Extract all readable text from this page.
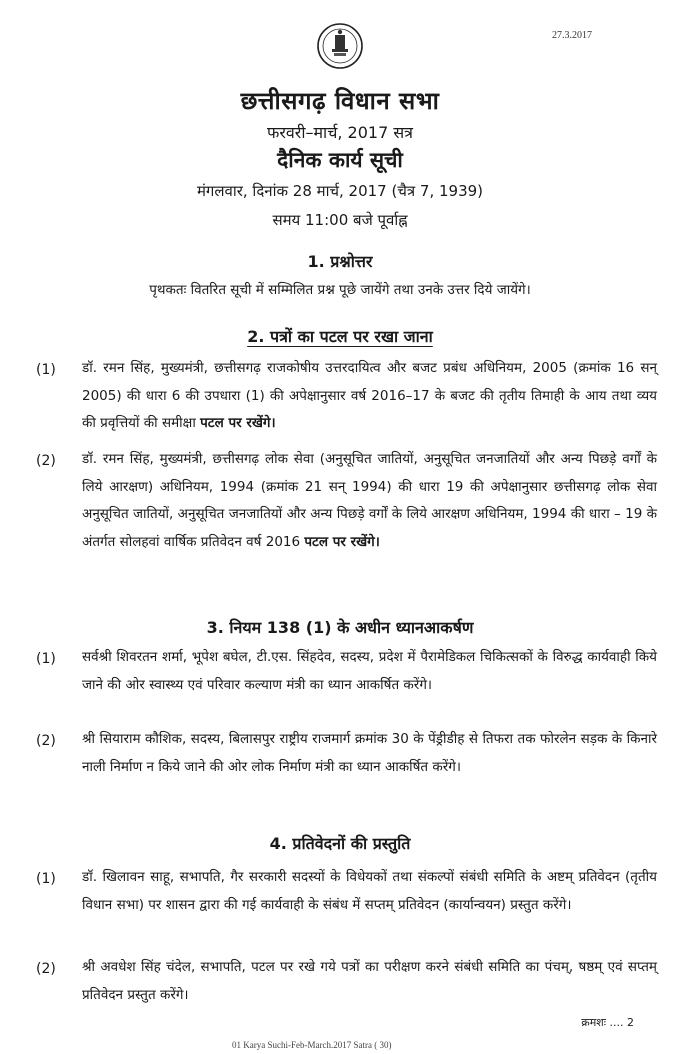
27.3.2017
छत्तीसगढ़ विधान सभा
फरवरी–मार्च, 2017 सत्र
दैनिक कार्य सूची
मंगलवार, दिनांक 28 मार्च, 2017 (चैत्र 7, 1939)
समय 11:00 बजे पूर्वाह्न
1. प्रश्नोत्तर
पृथकतः वितरित सूची में सम्मिलित प्रश्न पूछे जायेंगे तथा उनके उत्तर दिये जायेंगे।
2. पत्रों का पटल पर रखा जाना
(1) डॉ. रमन सिंह, मुख्यमंत्री, छत्तीसगढ़ राजकोषीय उत्तरदायित्व और बजट प्रबंध अधिनियम, 2005 (क्रमांक 16 सन् 2005) की धारा 6 की उपधारा (1) की अपेक्षानुसार वर्ष 2016–17 के बजट की तृतीय तिमाही के आय तथा व्यय की प्रवृत्तियों की समीक्षा पटल पर रखेंगे।
(2) डॉ. रमन सिंह, मुख्यमंत्री, छत्तीसगढ़ लोक सेवा (अनुसूचित जातियों, अनुसूचित जनजातियों और अन्य पिछड़े वर्गों के लिये आरक्षण) अधिनियम, 1994 (क्रमांक 21 सन् 1994) की धारा 19 की अपेक्षानुसार छत्तीसगढ़ लोक सेवा अनुसूचित जातियों, अनुसूचित जनजातियों और अन्य पिछड़े वर्गों के लिये आरक्षण अधिनियम, 1994 की धारा – 19 के अंतर्गत सोलहवां वार्षिक प्रतिवेदन वर्ष 2016 पटल पर रखेंगे।
3. नियम 138 (1) के अधीन ध्यानआकर्षण
(1) सर्वश्री शिवरतन शर्मा, भूपेश बघेल, टी.एस. सिंहदेव, सदस्य, प्रदेश में पैरामेडिकल चिकित्सकों के विरुद्ध कार्यवाही किये जाने की ओर स्वास्थ्य एवं परिवार कल्याण मंत्री का ध्यान आकर्षित करेंगे।
(2) श्री सियाराम कौशिक, सदस्य, बिलासपुर राष्ट्रीय राजमार्ग क्रमांक 30 के पेंड्रीडीह से तिफरा तक फोरलेन सड़क के किनारे नाली निर्माण न किये जाने की ओर लोक निर्माण मंत्री का ध्यान आकर्षित करेंगे।
4. प्रतिवेदनों की प्रस्तुति
(1) डॉ. खिलावन साहू, सभापति, गैर सरकारी सदस्यों के विधेयकों तथा संकल्पों संबंधी समिति के अष्टम् प्रतिवेदन (तृतीय विधान सभा) पर शासन द्वारा की गई कार्यवाही के संबंध में सप्तम् प्रतिवेदन (कार्यान्वयन) प्रस्तुत करेंगे।
(2) श्री अवधेश सिंह चंदेल, सभापति, पटल पर रखे गये पत्रों का परीक्षण करने संबंधी समिति का पंचम्, षष्ठम् एवं सप्तम् प्रतिवेदन प्रस्तुत करेंगे।
क्रमशः .... 2
01 Karya Suchi-Feb-March.2017 Satra ( 30)
